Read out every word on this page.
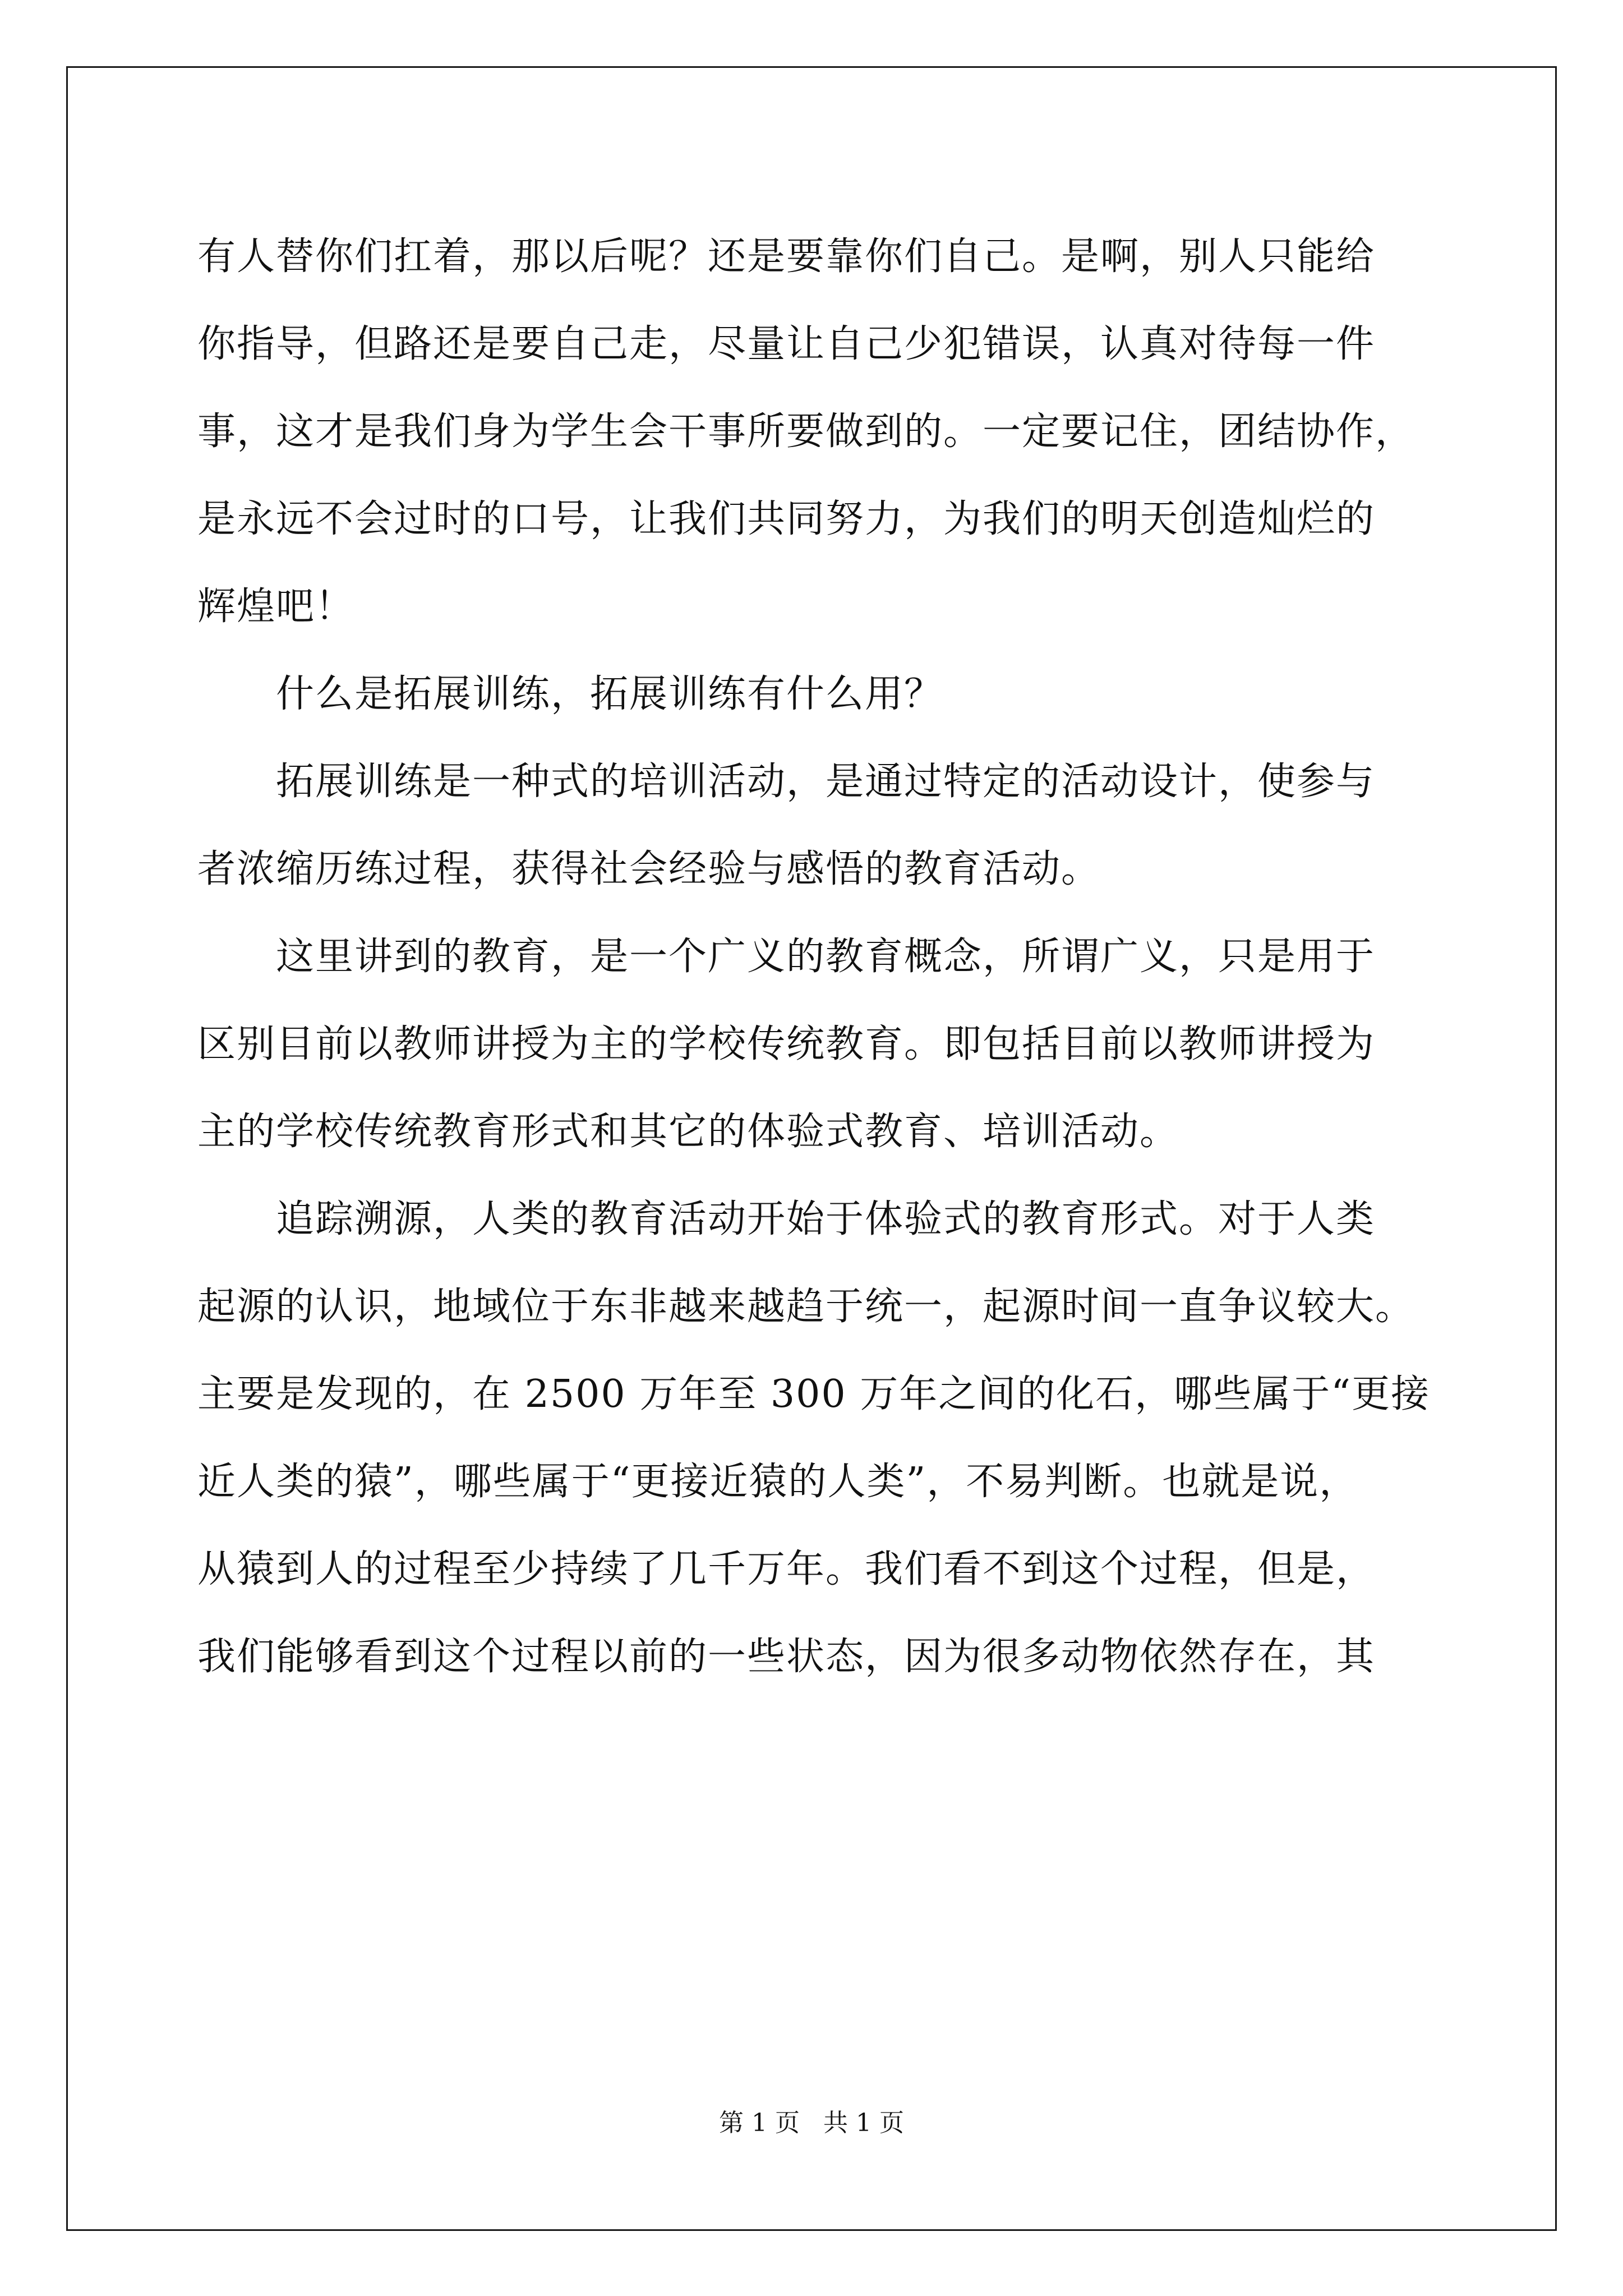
有人替你们扛着，那以后呢？还是要靠你们自己。是啊，别人只能给
你指导，但路还是要自己走，尽量让自己少犯错误，认真对待每一件
事，这才是我们身为学生会干事所要做到的。一定要记住，团结协作，
是永远不会过时的口号，让我们共同努力，为我们的明天创造灿烂的
辉煌吧！
　　什么是拓展训练，拓展训练有什么用？
　　拓展训练是一种式的培训活动，是通过特定的活动设计，使参与
者浓缩历练过程，获得社会经验与感悟的教育活动。
　　这里讲到的教育，是一个广义的教育概念，所谓广义，只是用于
区别目前以教师讲授为主的学校传统教育。即包括目前以教师讲授为
主的学校传统教育形式和其它的体验式教育、培训活动。
　　追踪溯源，人类的教育活动开始于体验式的教育形式。对于人类
起源的认识，地域位于东非越来越趋于统一，起源时间一直争议较大。
主要是发现的，在 2500 万年至 300 万年之间的化石，哪些属于“更接
近人类的猿”，哪些属于“更接近猿的人类”，不易判断。也就是说，
从猿到人的过程至少持续了几千万年。我们看不到这个过程，但是，
我们能够看到这个过程以前的一些状态，因为很多动物依然存在，其
第 1 页 共 1 页
